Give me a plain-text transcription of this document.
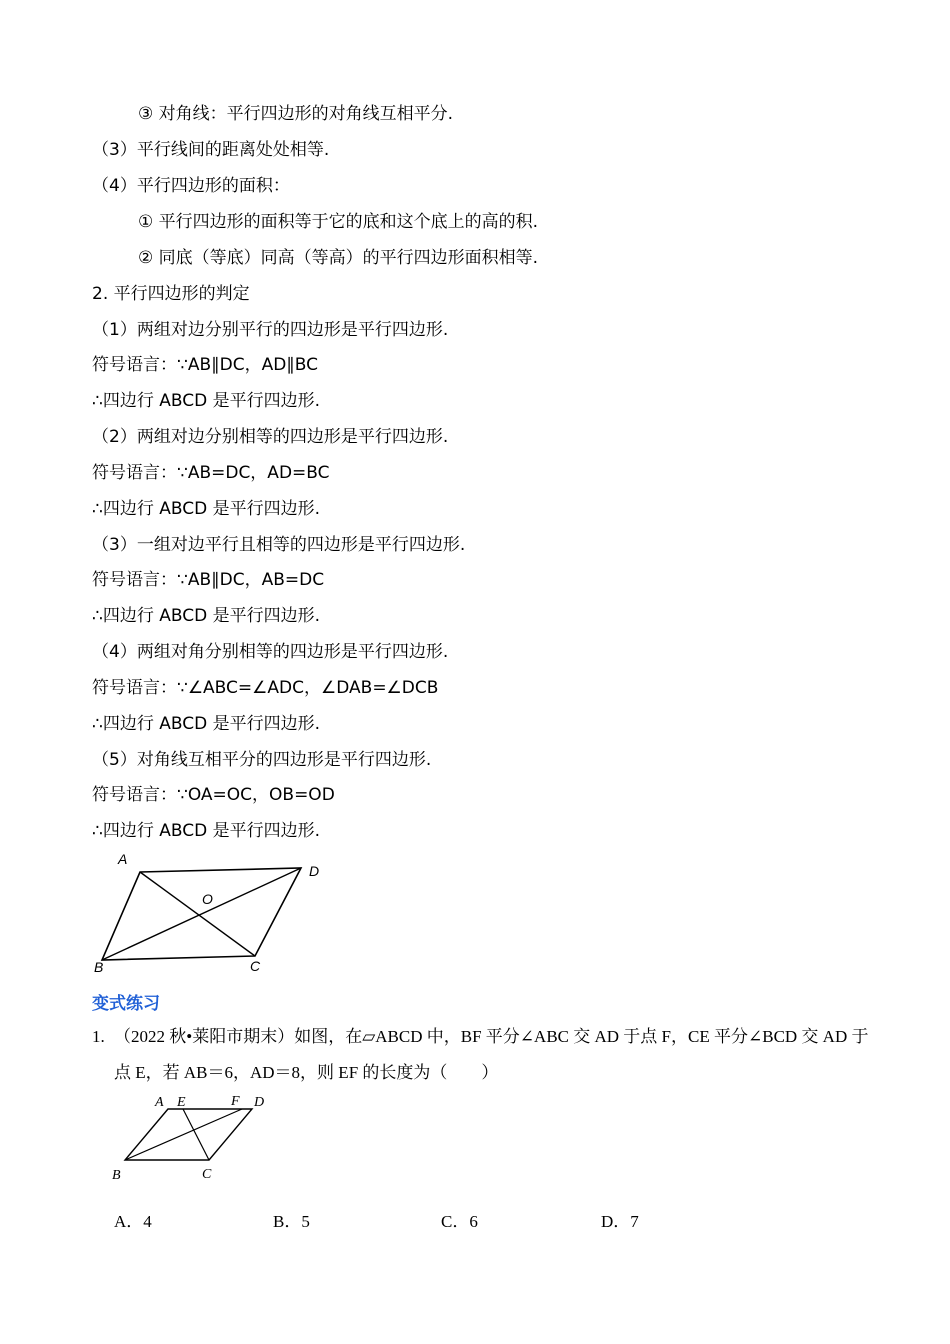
③ 对角线：平行四边形的对角线互相平分.
（3）平行线间的距离处处相等.
（4）平行四边形的面积：
① 平行四边形的面积等于它的底和这个底上的高的积.
② 同底（等底）同高（等高）的平行四边形面积相等.
2. 平行四边形的判定
（1）两组对边分别平行的四边形是平行四边形.
符号语言：∵AB∥DC，AD∥BC
∴四边行 ABCD 是平行四边形.
（2）两组对边分别相等的四边形是平行四边形.
符号语言：∵AB=DC，AD=BC
∴四边行 ABCD 是平行四边形.
（3）一组对边平行且相等的四边形是平行四边形.
符号语言：∵AB∥DC，AB=DC
∴四边行 ABCD 是平行四边形.
（4）两组对角分别相等的四边形是平行四边形.
符号语言：∵∠ABC=∠ADC，∠DAB=∠DCB
∴四边行 ABCD 是平行四边形.
（5）对角线互相平分的四边形是平行四边形.
符号语言：∵OA=OC，OB=OD
∴四边行 ABCD 是平行四边形.
A
D
O
B	C
变式练习
1. （2022 秋•莱阳市期末）如图，在▱ABCD 中，BF 平分∠ABC 交 AD 于点 F，CE 平分∠BCD 交 AD 于
点 E，若 AB＝6，AD＝8，则 EF 的长度为（　　）
A E	F D
B	C
A．4	B．5	C．6	D．7
